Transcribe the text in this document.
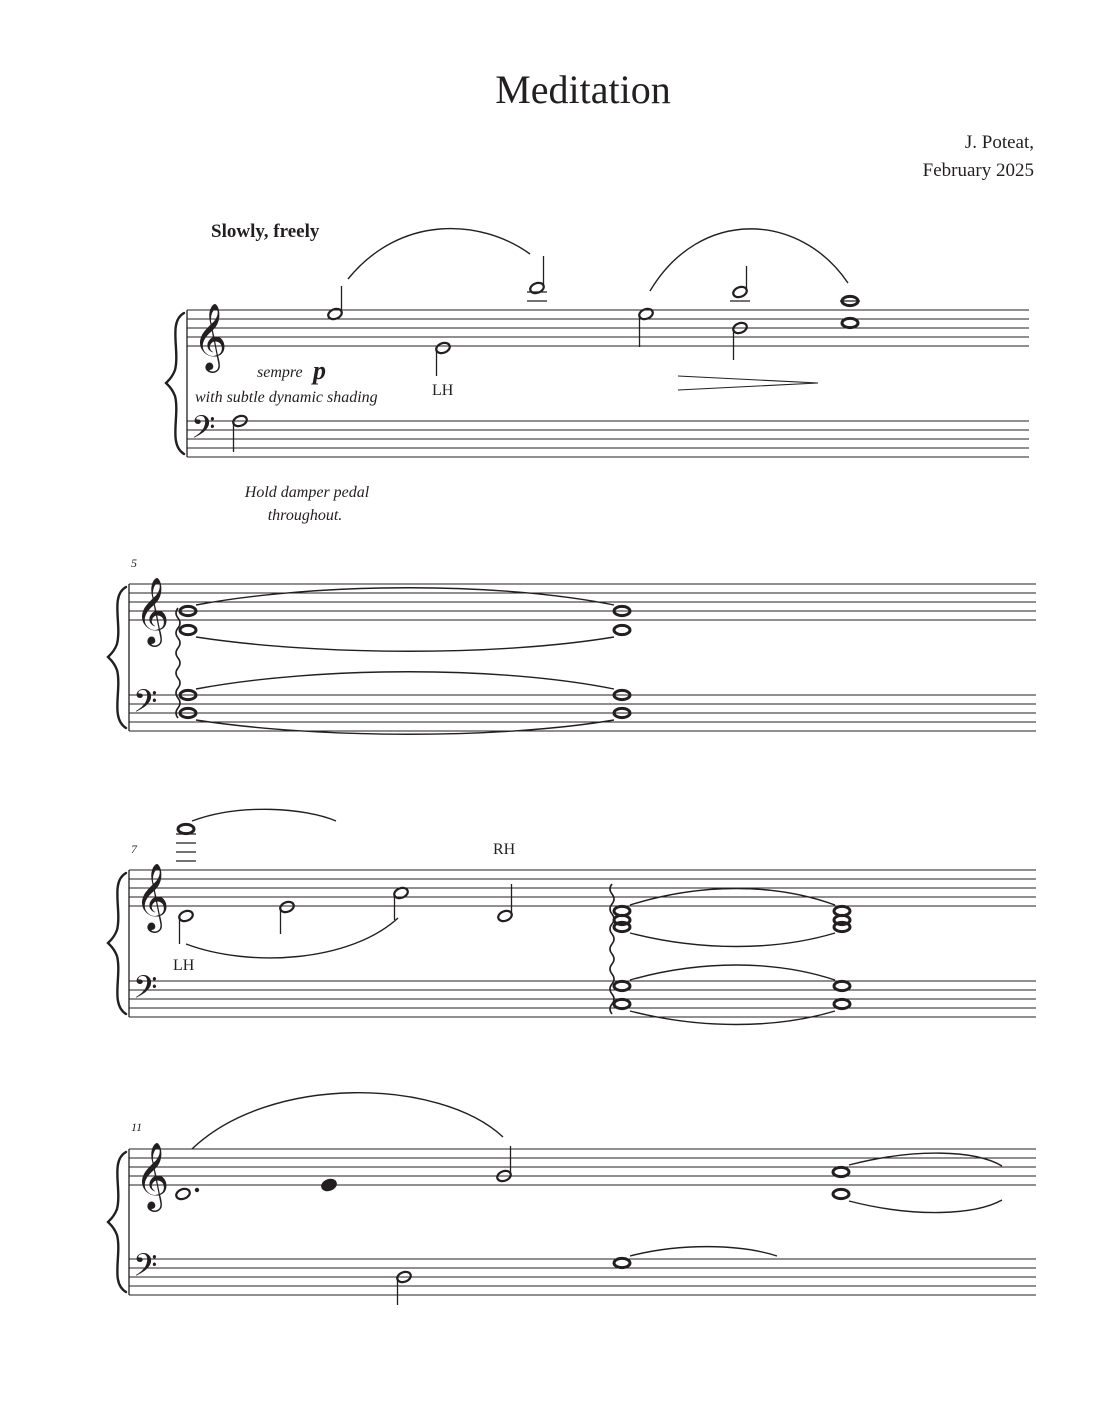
Meditation
J. Poteat,
February 2025
Slowly, freely
𝄞
𝄢
sempre p
with subtle dynamic shading	LH
Hold damper pedal
throughout.
5
𝄞
𝄢
7
𝄞
𝄢
RH
LH
11
𝄞
𝄢
